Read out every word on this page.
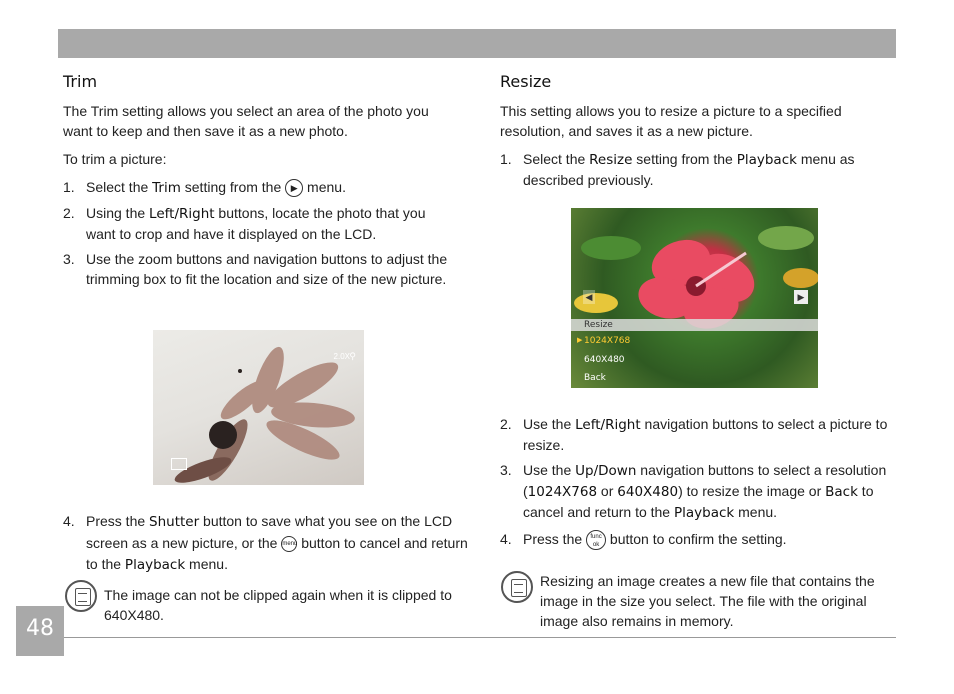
Trim

The Trim setting allows you select an area of the photo you want to keep and then save it as a new photo.

To trim a picture:

1. Select the Trim setting from the ▶ menu.
2. Using the Left/Right buttons, locate the photo that you want to crop and have it displayed on the LCD.
3. Use the zoom buttons and navigation buttons to adjust the trimming box to fit the location and size of the new picture.
2.0X ⚲
4. Press the Shutter button to save what you see on the LCD screen as a new picture, or the menu button to cancel and return to the Playback menu.
The image can not be clipped again when it is clipped to 640X480.
Resize

This setting allows you to resize a picture to a specified resolution, and saves it as a new picture.

1. Select the Resize setting from the Playback menu as described previously.
◀	▶
Resize
▶ 1024X768
640X480
Back
2. Use the Left/Right navigation buttons to select a picture to resize.
3. Use the Up/Down navigation buttons to select a resolution (1024X768 or 640X480) to resize the image or Back to cancel and return to the Playback menu.
4. Press the func
ok button to confirm the setting.
Resizing an image creates a new file that contains the image in the size you select. The file with the original image also remains in memory.
48
